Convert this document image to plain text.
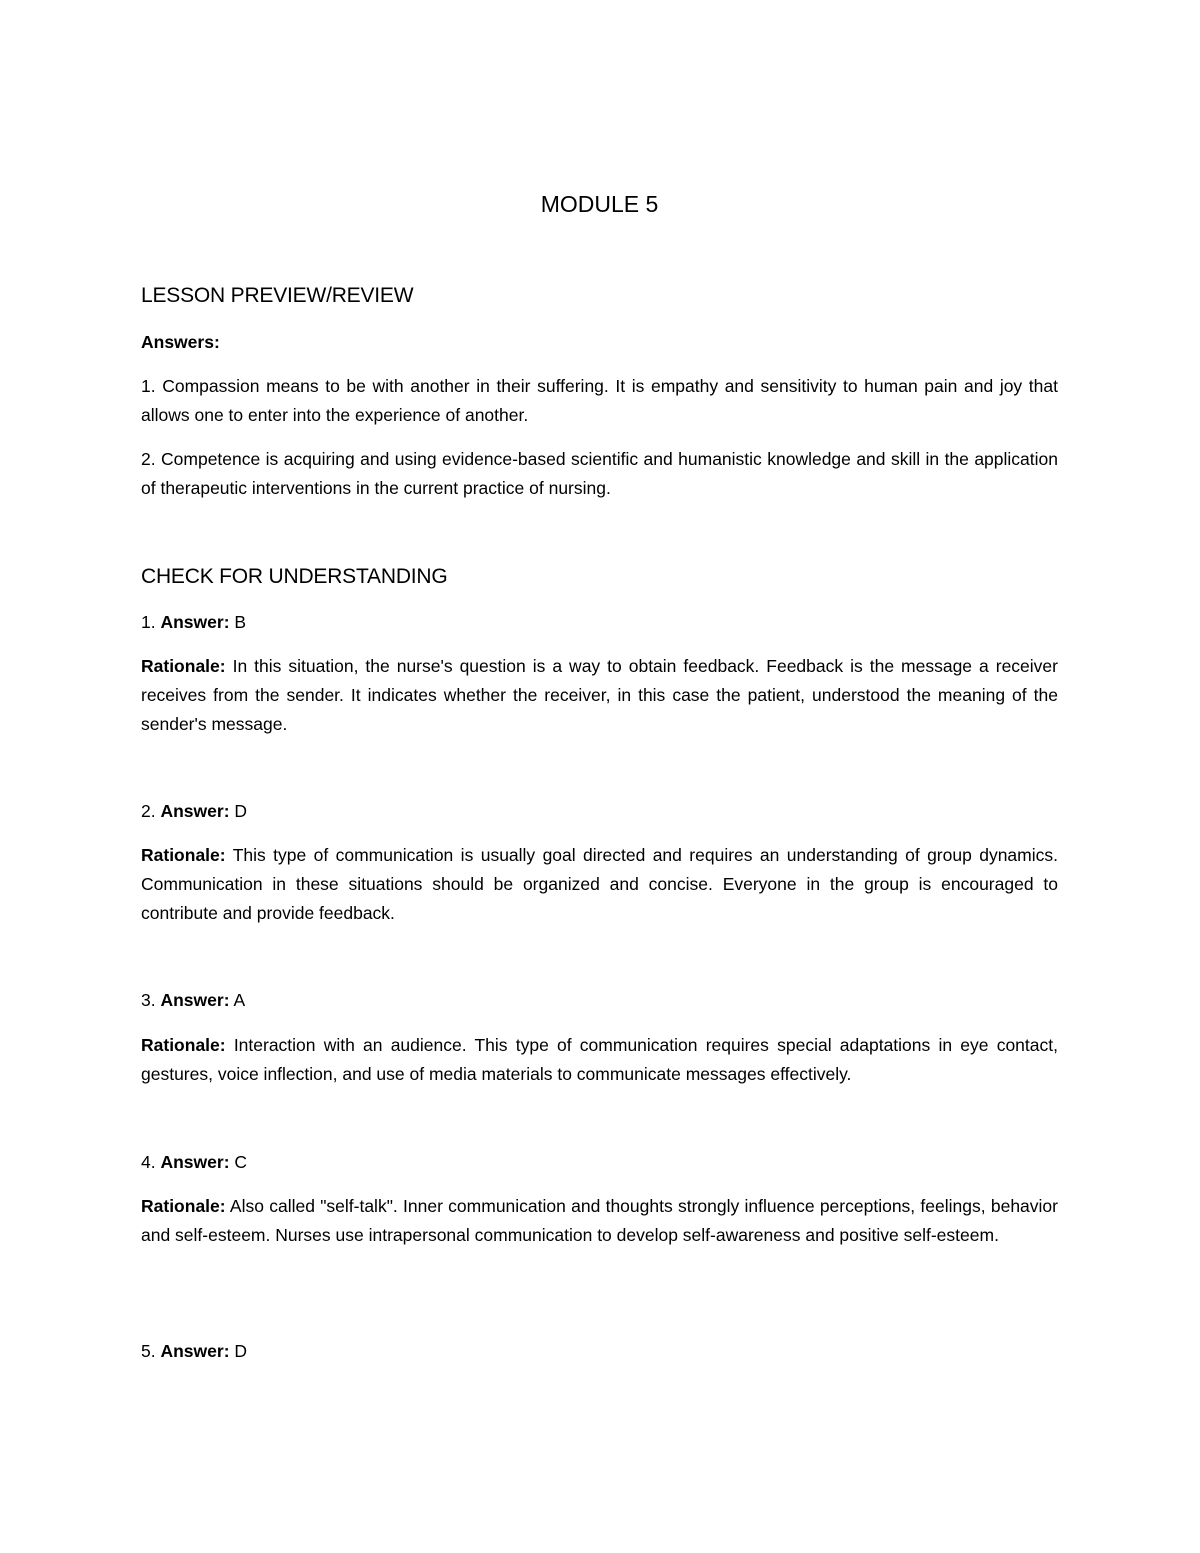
MODULE 5
LESSON PREVIEW/REVIEW
Answers:
1. Compassion means to be with another in their suffering. It is empathy and sensitivity to human pain and joy that allows one to enter into the experience of another.
2. Competence is acquiring and using evidence-based scientific and humanistic knowledge and skill in the application of therapeutic interventions in the current practice of nursing.
CHECK FOR UNDERSTANDING
1. Answer: B
Rationale: In this situation, the nurse's question is a way to obtain feedback. Feedback is the message a receiver receives from the sender. It indicates whether the receiver, in this case the patient, understood the meaning of the sender's message.
2. Answer: D
Rationale: This type of communication is usually goal directed and requires an understanding of group dynamics. Communication in these situations should be organized and concise. Everyone in the group is encouraged to contribute and provide feedback.
3. Answer: A
Rationale: Interaction with an audience. This type of communication requires special adaptations in eye contact, gestures, voice inflection, and use of media materials to communicate messages effectively.
4. Answer: C
Rationale: Also called "self-talk". Inner communication and thoughts strongly influence perceptions, feelings, behavior and self-esteem. Nurses use intrapersonal communication to develop self-awareness and positive self-esteem.
5. Answer: D
